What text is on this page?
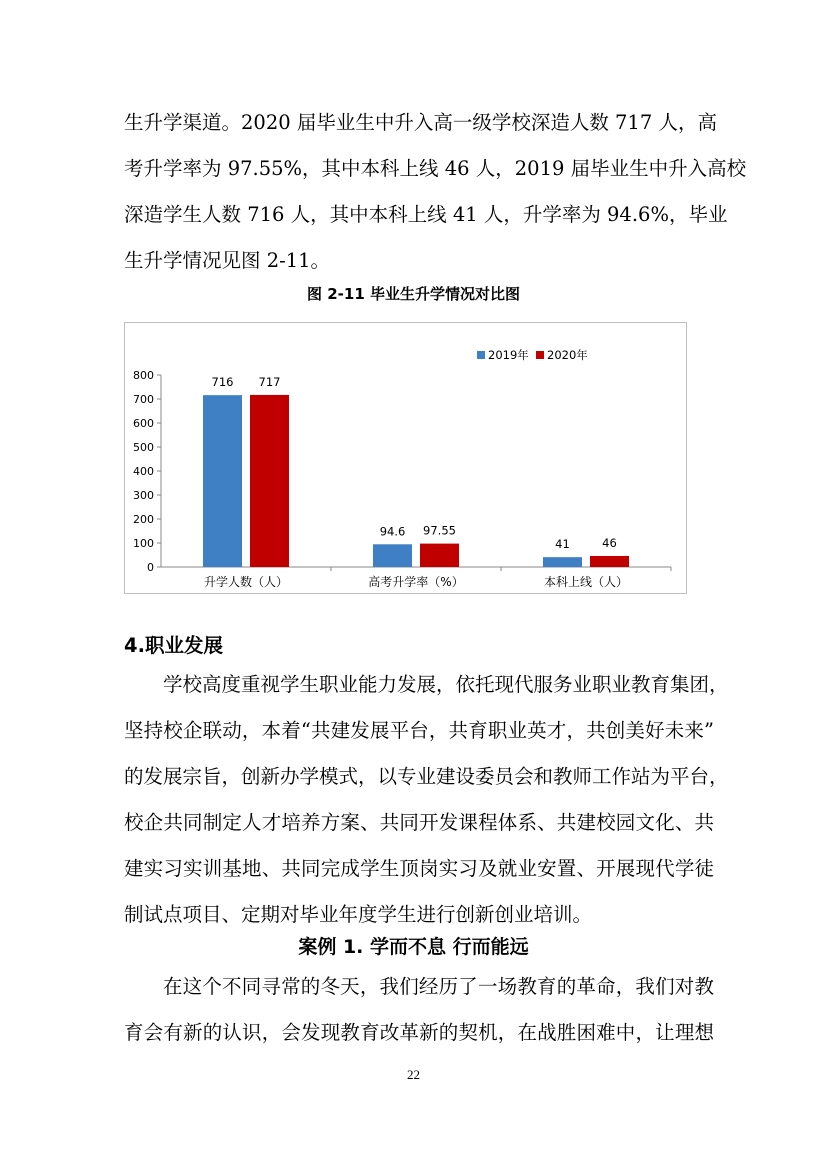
生升学渠道。2020 届毕业生中升入高一级学校深造人数 717 人，高
考升学率为 97.55%，其中本科上线 46 人，2019 届毕业生中升入高校
深造学生人数 716 人，其中本科上线 41 人，升学率为 94.6%，毕业
生升学情况见图 2-11。
图 2-11 毕业生升学情况对比图
0
100
200
300
400
500
600
700
800
升学人数（人）
716 717
高考升学率（%）
94.6 97.55
本科上线（人）
41	46
2019年 2020年
4.职业发展
学校高度重视学生职业能力发展，依托现代服务业职业教育集团，
坚持校企联动，本着“共建发展平台，共育职业英才，共创美好未来”
的发展宗旨，创新办学模式，以专业建设委员会和教师工作站为平台，
校企共同制定人才培养方案、共同开发课程体系、共建校园文化、共
建实习实训基地、共同完成学生顶岗实习及就业安置、开展现代学徒
制试点项目、定期对毕业年度学生进行创新创业培训。
案例 1. 学而不息 行而能远
在这个不同寻常的冬天，我们经历了一场教育的革命，我们对教
育会有新的认识，会发现教育改革新的契机，在战胜困难中，让理想
22
